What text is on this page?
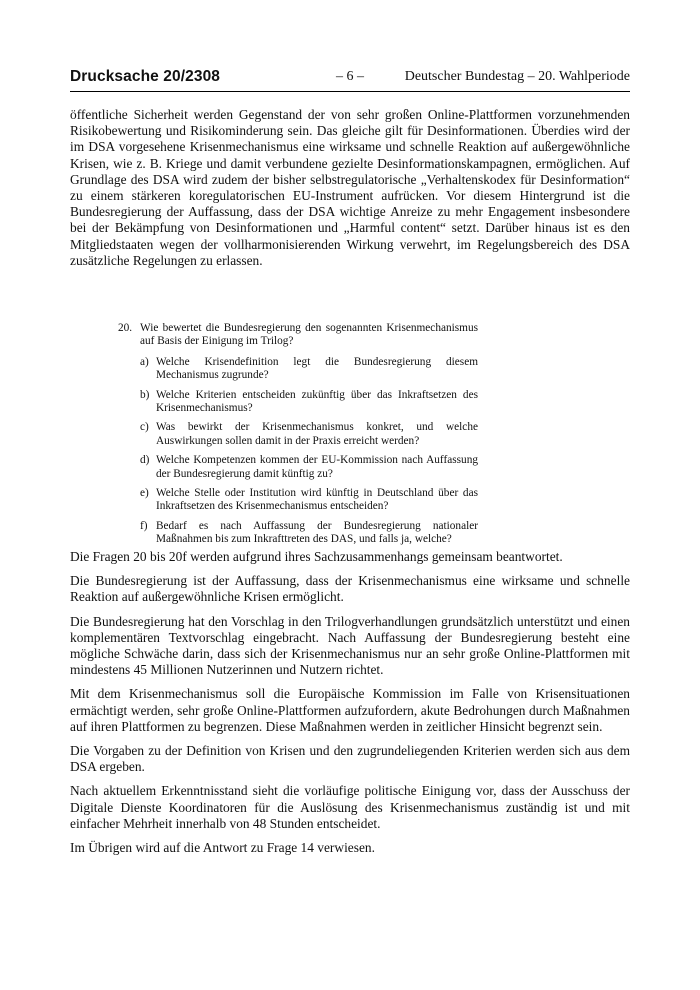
Drucksache 20/2308	– 6 –	Deutscher Bundestag – 20. Wahlperiode

öffentliche Sicherheit werden Gegenstand der von sehr großen Online-Plattformen vorzunehmenden Risikobewertung und Risikominderung sein. Das gleiche gilt für Desinformationen. Überdies wird der im DSA vorgesehene Krisenmechanismus eine wirksame und schnelle Reaktion auf außergewöhnliche Krisen, wie z. B. Kriege und damit verbundene gezielte Desinformationskampagnen, ermöglichen. Auf Grundlage des DSA wird zudem der bisher selbstregulatorische „Verhaltenskodex für Desinformation“ zu einem stärkeren koregulatorischen EU-Instrument aufrücken. Vor diesem Hintergrund ist die Bundesregierung der Auffassung, dass der DSA wichtige Anreize zu mehr Engagement insbesondere bei der Bekämpfung von Desinformationen und „Harmful content“ setzt. Darüber hinaus ist es den Mitgliedstaaten wegen der vollharmonisierenden Wirkung verwehrt, im Regelungsbereich des DSA zusätzliche Regelungen zu erlassen.

20. Wie bewertet die Bundesregierung den sogenannten Krisenmechanismus auf Basis der Einigung im Trilog?
a) Welche Krisendefinition legt die Bundesregierung diesem Mechanismus zugrunde?
b) Welche Kriterien entscheiden zukünftig über das Inkraftsetzen des Krisenmechanismus?
c) Was bewirkt der Krisenmechanismus konkret, und welche Auswirkungen sollen damit in der Praxis erreicht werden?
d) Welche Kompetenzen kommen der EU-Kommission nach Auffassung der Bundesregierung damit künftig zu?
e) Welche Stelle oder Institution wird künftig in Deutschland über das Inkraftsetzen des Krisenmechanismus entscheiden?
f) Bedarf es nach Auffassung der Bundesregierung nationaler Maßnahmen bis zum Inkrafttreten des DAS, und falls ja, welche?

Die Fragen 20 bis 20f werden aufgrund ihres Sachzusammenhangs gemeinsam beantwortet.

Die Bundesregierung ist der Auffassung, dass der Krisenmechanismus eine wirksame und schnelle Reaktion auf außergewöhnliche Krisen ermöglicht.

Die Bundesregierung hat den Vorschlag in den Trilogverhandlungen grundsätzlich unterstützt und einen komplementären Textvorschlag eingebracht. Nach Auffassung der Bundesregierung besteht eine mögliche Schwäche darin, dass sich der Krisenmechanismus nur an sehr große Online-Plattformen mit mindestens 45 Millionen Nutzerinnen und Nutzern richtet.

Mit dem Krisenmechanismus soll die Europäische Kommission im Falle von Krisensituationen ermächtigt werden, sehr große Online-Plattformen aufzufordern, akute Bedrohungen durch Maßnahmen auf ihren Plattformen zu begrenzen. Diese Maßnahmen werden in zeitlicher Hinsicht begrenzt sein.

Die Vorgaben zu der Definition von Krisen und den zugrundeliegenden Kriterien werden sich aus dem DSA ergeben.

Nach aktuellem Erkenntnisstand sieht die vorläufige politische Einigung vor, dass der Ausschuss der Digitale Dienste Koordinatoren für die Auslösung des Krisenmechanismus zuständig ist und mit einfacher Mehrheit innerhalb von 48 Stunden entscheidet.

Im Übrigen wird auf die Antwort zu Frage 14 verwiesen.
